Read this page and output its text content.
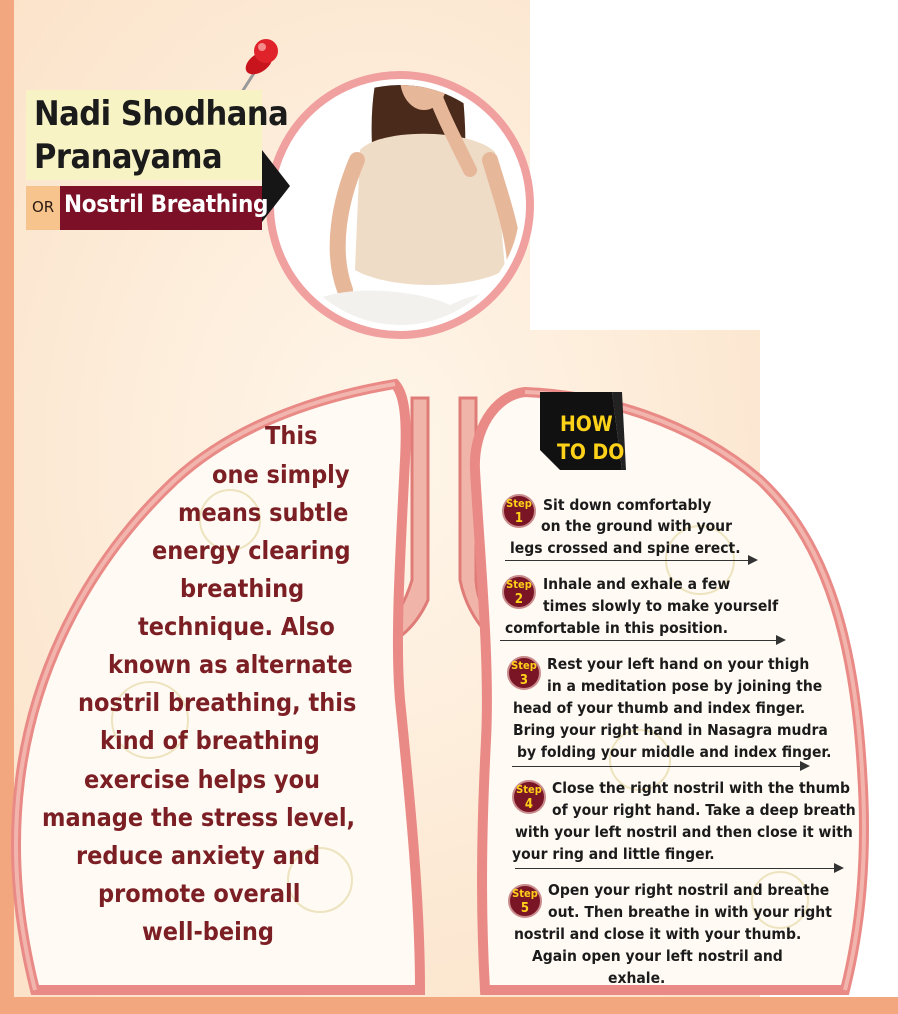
Nadi Shodhana
Pranayama
OR Nostril Breathing
This
one simply
means subtle
energy clearing
breathing
technique. Also
known as alternate
nostril breathing, this
kind of breathing
exercise helps you
manage the stress level,
reduce anxiety and
promote overall
well-being
HOW
TO DO
Step
1
Sit down comfortably
on the ground with your
legs crossed and spine erect.
Step
2
Inhale and exhale a few
times slowly to make yourself
comfortable in this position.
Step
3
Rest your left hand on your thigh
in a meditation pose by joining the
head of your thumb and index finger.
Bring your right hand in Nasagra mudra
by folding your middle and index finger.
Step
4
Close the right nostril with the thumb
of your right hand. Take a deep breath
with your left nostril and then close it with
your ring and little finger.
Step
5
Open your right nostril and breathe
out. Then breathe in with your right
nostril and close it with your thumb.
Again open your left nostril and
exhale.
